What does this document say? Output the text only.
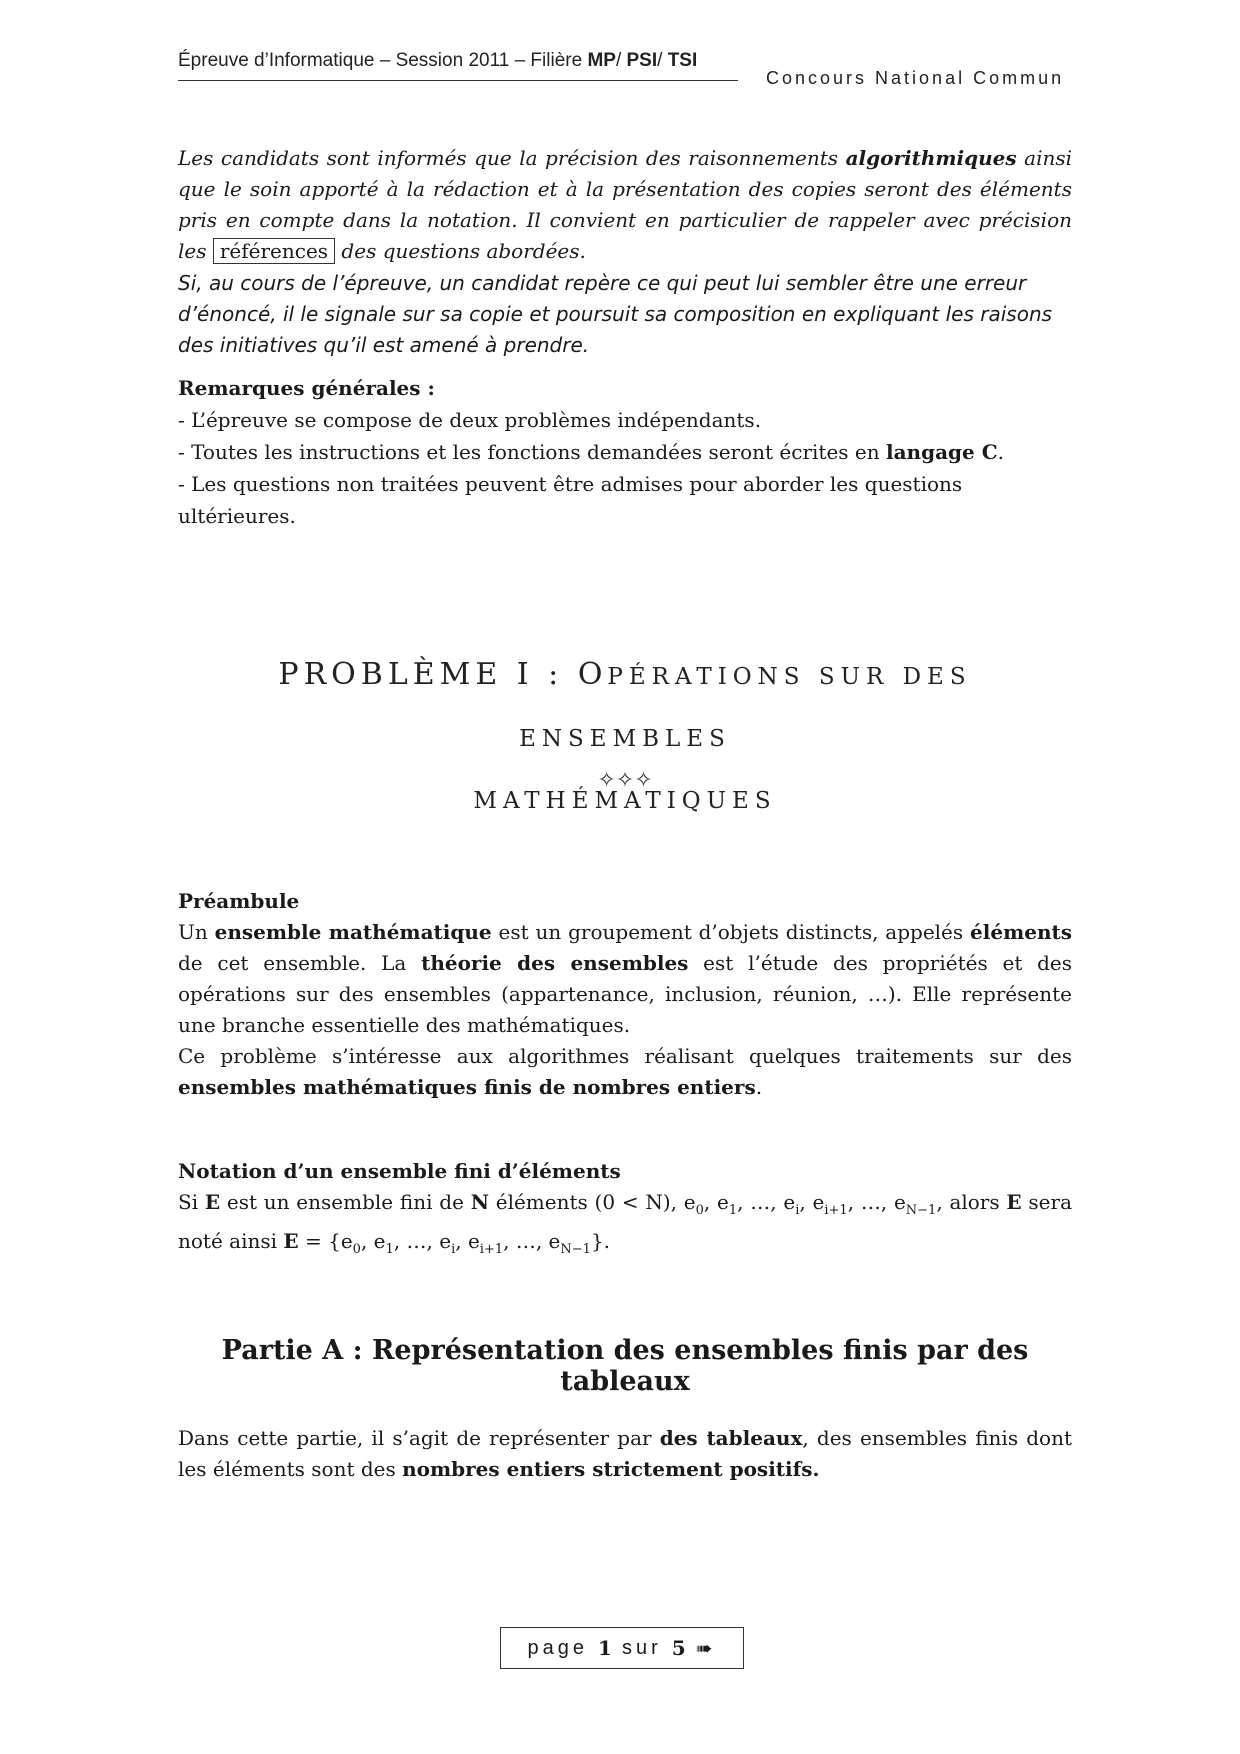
Épreuve d’Informatique – Session 2011 – Filière MP/ PSI/ TSI
Concours National Commun

Les candidats sont informés que la précision des raisonnements algorithmiques ainsi que le soin apporté à la rédaction et à la présentation des copies seront des éléments pris en compte dans la notation. Il convient en particulier de rappeler avec précision les références des questions abordées.

Si, au cours de l’épreuve, un candidat repère ce qui peut lui sembler être une erreur d’énoncé, il le signale sur sa copie et poursuit sa composition en expliquant les raisons des initiatives qu’il est amené à prendre.

Remarques générales :
- L’épreuve se compose de deux problèmes indépendants.
- Toutes les instructions et les fonctions demandées seront écrites en langage C.
- Les questions non traitées peuvent être admises pour aborder les questions ultérieures.
PROBLÈME I : OPÉRATIONS SUR DES ENSEMBLES
MATHÉMATIQUES
✧✧✧
Préambule
Un ensemble mathématique est un groupement d’objets distincts, appelés éléments de cet ensemble. La théorie des ensembles est l’étude des propriétés et des opérations sur des ensembles (appartenance, inclusion, réunion, …). Elle représente une branche essentielle des mathématiques.
Ce problème s’intéresse aux algorithmes réalisant quelques traitements sur des ensembles mathématiques finis de nombres entiers.
Notation d’un ensemble fini d’éléments
Si E est un ensemble fini de N éléments (0 < N), $e_0$, $e_1$, …, $e_i$, $e_{i+1}$, …, $e_{N-1}$, alors E sera noté ainsi $E = \{e_0$, $e_1$, …, $e_i$, $e_{i+1}$, …, $e_{N-1}$}.
Partie A : Représentation des ensembles finis par des tableaux
Dans cette partie, il s’agit de représenter par des tableaux, des ensembles finis dont les éléments sont des nombres entiers strictement positifs.
page 1 sur 5 ➠
